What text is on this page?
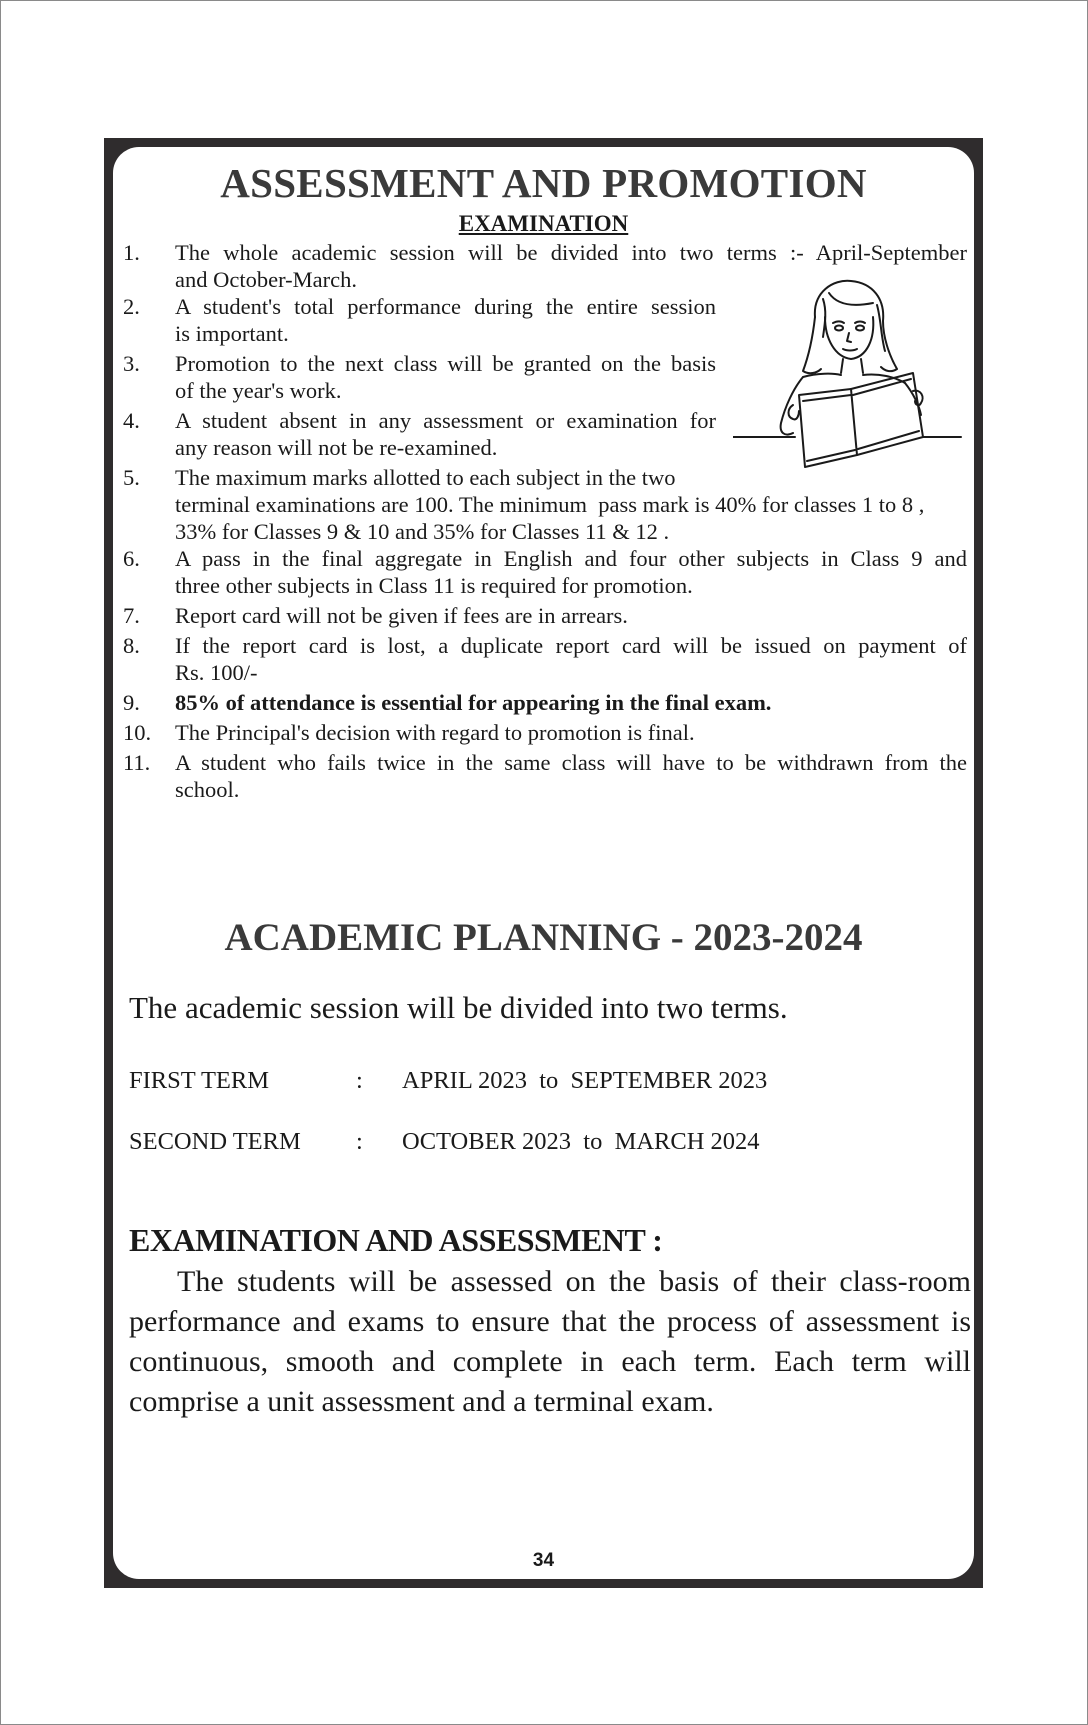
ASSESSMENT AND PROMOTION
EXAMINATION
1.	The whole academic session will be divided into two terms :- April-September
and October-March.
2.	A student's total performance during the entire session
is important.
3.	Promotion to the next class will be granted on the basis
of the year's work.
4.	A student absent in any assessment or examination for
any reason will not be re-examined.
5.	The maximum marks allotted to each subject in the two
terminal examinations are 100. The minimum  pass mark is 40% for classes 1 to 8 ,
33% for Classes 9 & 10 and 35% for Classes 11 & 12 .
6.	A pass in the final aggregate in English and four other subjects in Class 9 and
three other subjects in Class 11 is required for promotion.
7.	Report card will not be given if fees are in arrears.
8.	If the report card is lost, a duplicate report card will be issued on payment of
Rs. 100/-
9.	85% of attendance is essential for appearing in the final exam.
10.	The Principal's decision with regard to promotion is final.
11.	A student who fails twice in the same class will have to be withdrawn from the
school.
ACADEMIC PLANNING - 2023-2024
The academic session will be divided into two terms.
FIRST TERM	: APRIL 2023  to  SEPTEMBER 2023
SECOND TERM : OCTOBER 2023  to  MARCH 2024
EXAMINATION AND ASSESSMENT :
The students will be assessed on the basis of their class-room performance and exams to ensure that the process of assessment is continuous, smooth and complete in each term. Each term will comprise a unit assessment and a terminal exam.
34
